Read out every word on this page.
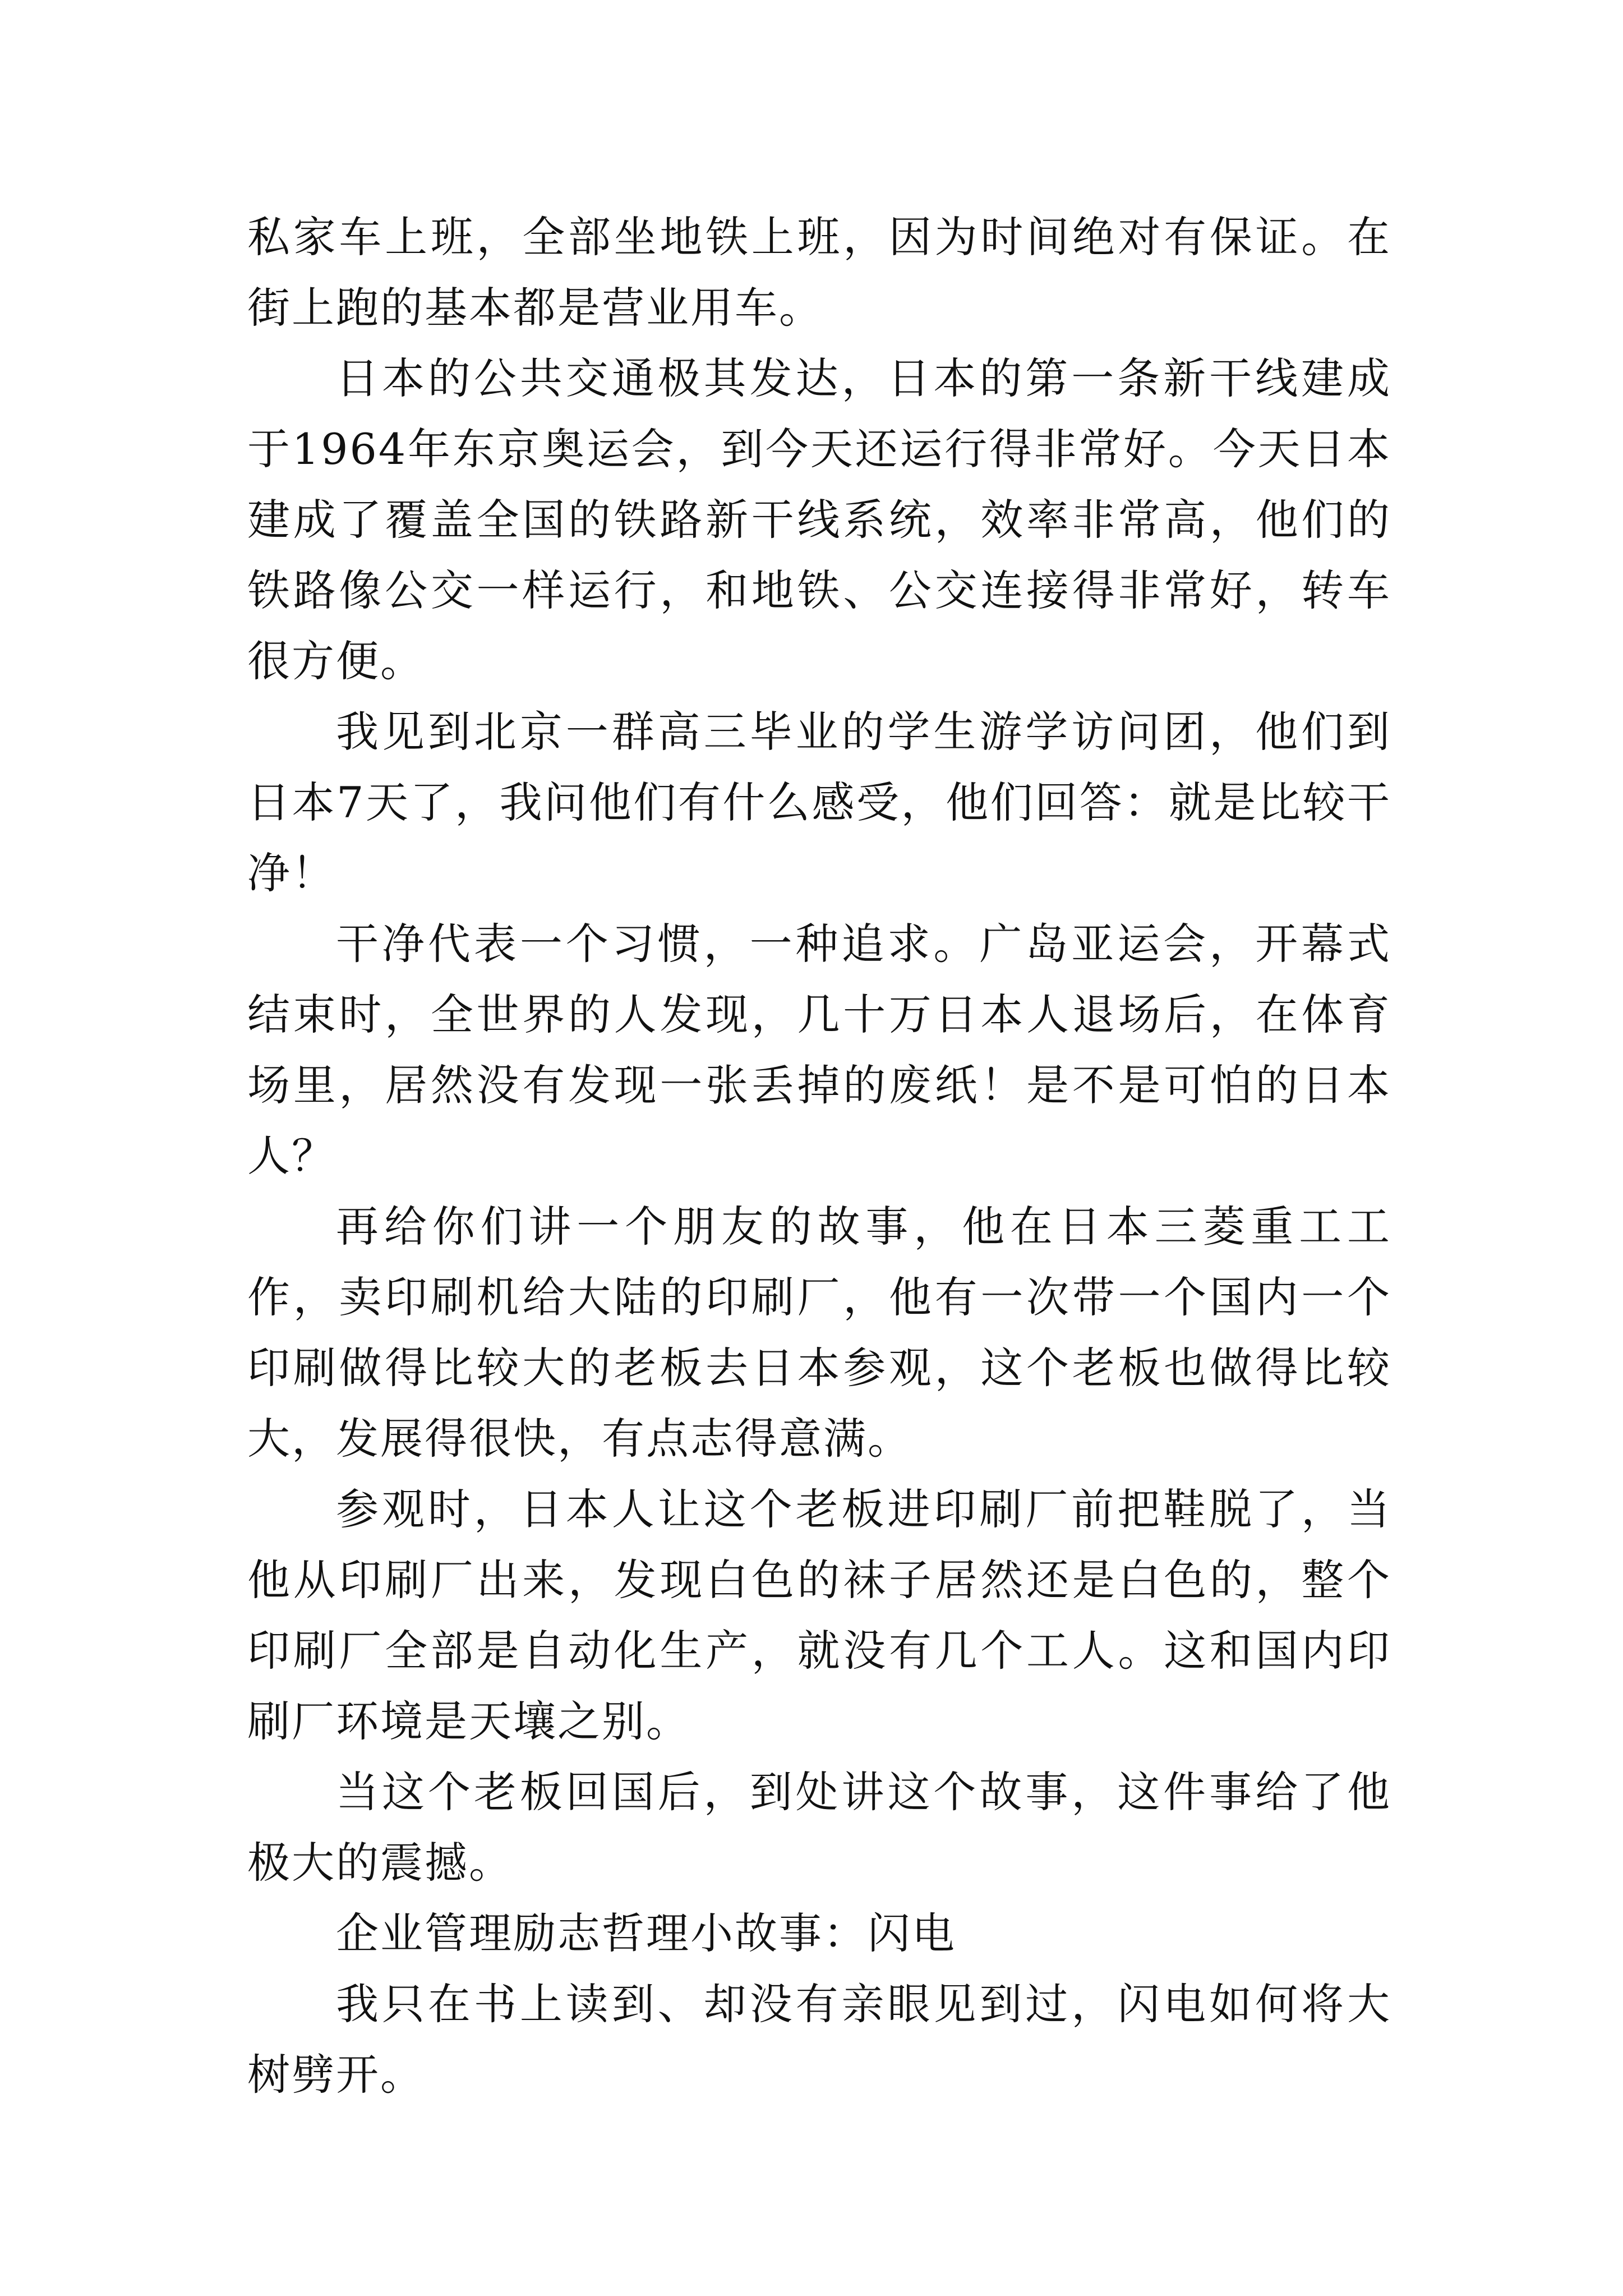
私家车上班，全部坐地铁上班，因为时间绝对有保证。在街上跑的基本都是营业用车。

日本的公共交通极其发达，日本的第一条新干线建成于1964年东京奥运会，到今天还运行得非常好。今天日本建成了覆盖全国的铁路新干线系统，效率非常高，他们的铁路像公交一样运行，和地铁、公交连接得非常好，转车很方便。

我见到北京一群高三毕业的学生游学访问团，他们到日本7天了，我问他们有什么感受，他们回答：就是比较干净！

干净代表一个习惯，一种追求。广岛亚运会，开幕式结束时，全世界的人发现，几十万日本人退场后，在体育场里，居然没有发现一张丢掉的废纸！是不是可怕的日本人？

再给你们讲一个朋友的故事，他在日本三菱重工工作，卖印刷机给大陆的印刷厂，他有一次带一个国内一个印刷做得比较大的老板去日本参观，这个老板也做得比较大，发展得很快，有点志得意满。

参观时，日本人让这个老板进印刷厂前把鞋脱了，当他从印刷厂出来，发现白色的袜子居然还是白色的，整个印刷厂全部是自动化生产，就没有几个工人。这和国内印刷厂环境是天壤之别。

当这个老板回国后，到处讲这个故事，这件事给了他极大的震撼。

企业管理励志哲理小故事：闪电

我只在书上读到、却没有亲眼见到过，闪电如何将大树劈开。
